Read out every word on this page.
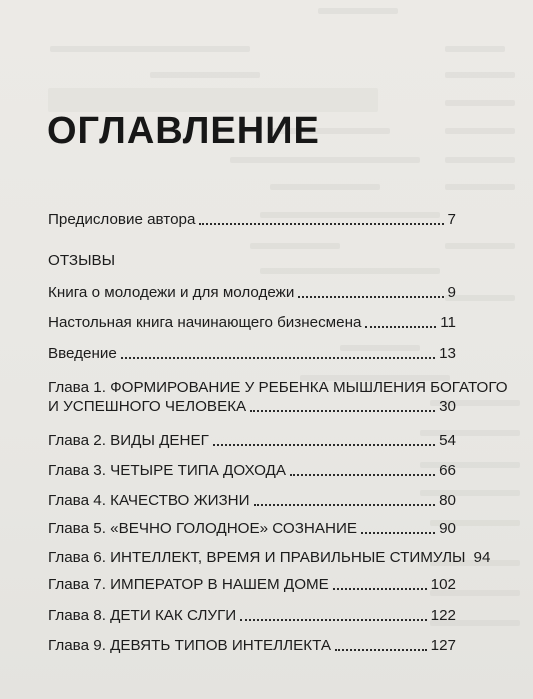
ОГЛАВЛЕНИЕ
Предисловие автора	7
ОТЗЫВЫ
Книга о молодежи и для молодежи	9
Настольная книга начинающего бизнесмена	11
Введение	13
Глава 1. ФОРМИРОВАНИЕ У РЕБЕНКА МЫШЛЕНИЯ БОГАТОГО
И УСПЕШНОГО ЧЕЛОВЕКА	30
Глава 2. ВИДЫ ДЕНЕГ	54
Глава 3. ЧЕТЫРЕ ТИПА ДОХОДА	66
Глава 4. КАЧЕСТВО ЖИЗНИ	80
Глава 5. «ВЕЧНО ГОЛОДНОЕ» СОЗНАНИЕ	90
Глава 6. ИНТЕЛЛЕКТ, ВРЕМЯ И ПРАВИЛЬНЫЕ СТИМУЛЫ 94
Глава 7. ИМПЕРАТОР В НАШЕМ ДОМЕ	102
Глава 8. ДЕТИ КАК СЛУГИ	122
Глава 9. ДЕВЯТЬ ТИПОВ ИНТЕЛЛЕКТА	127
